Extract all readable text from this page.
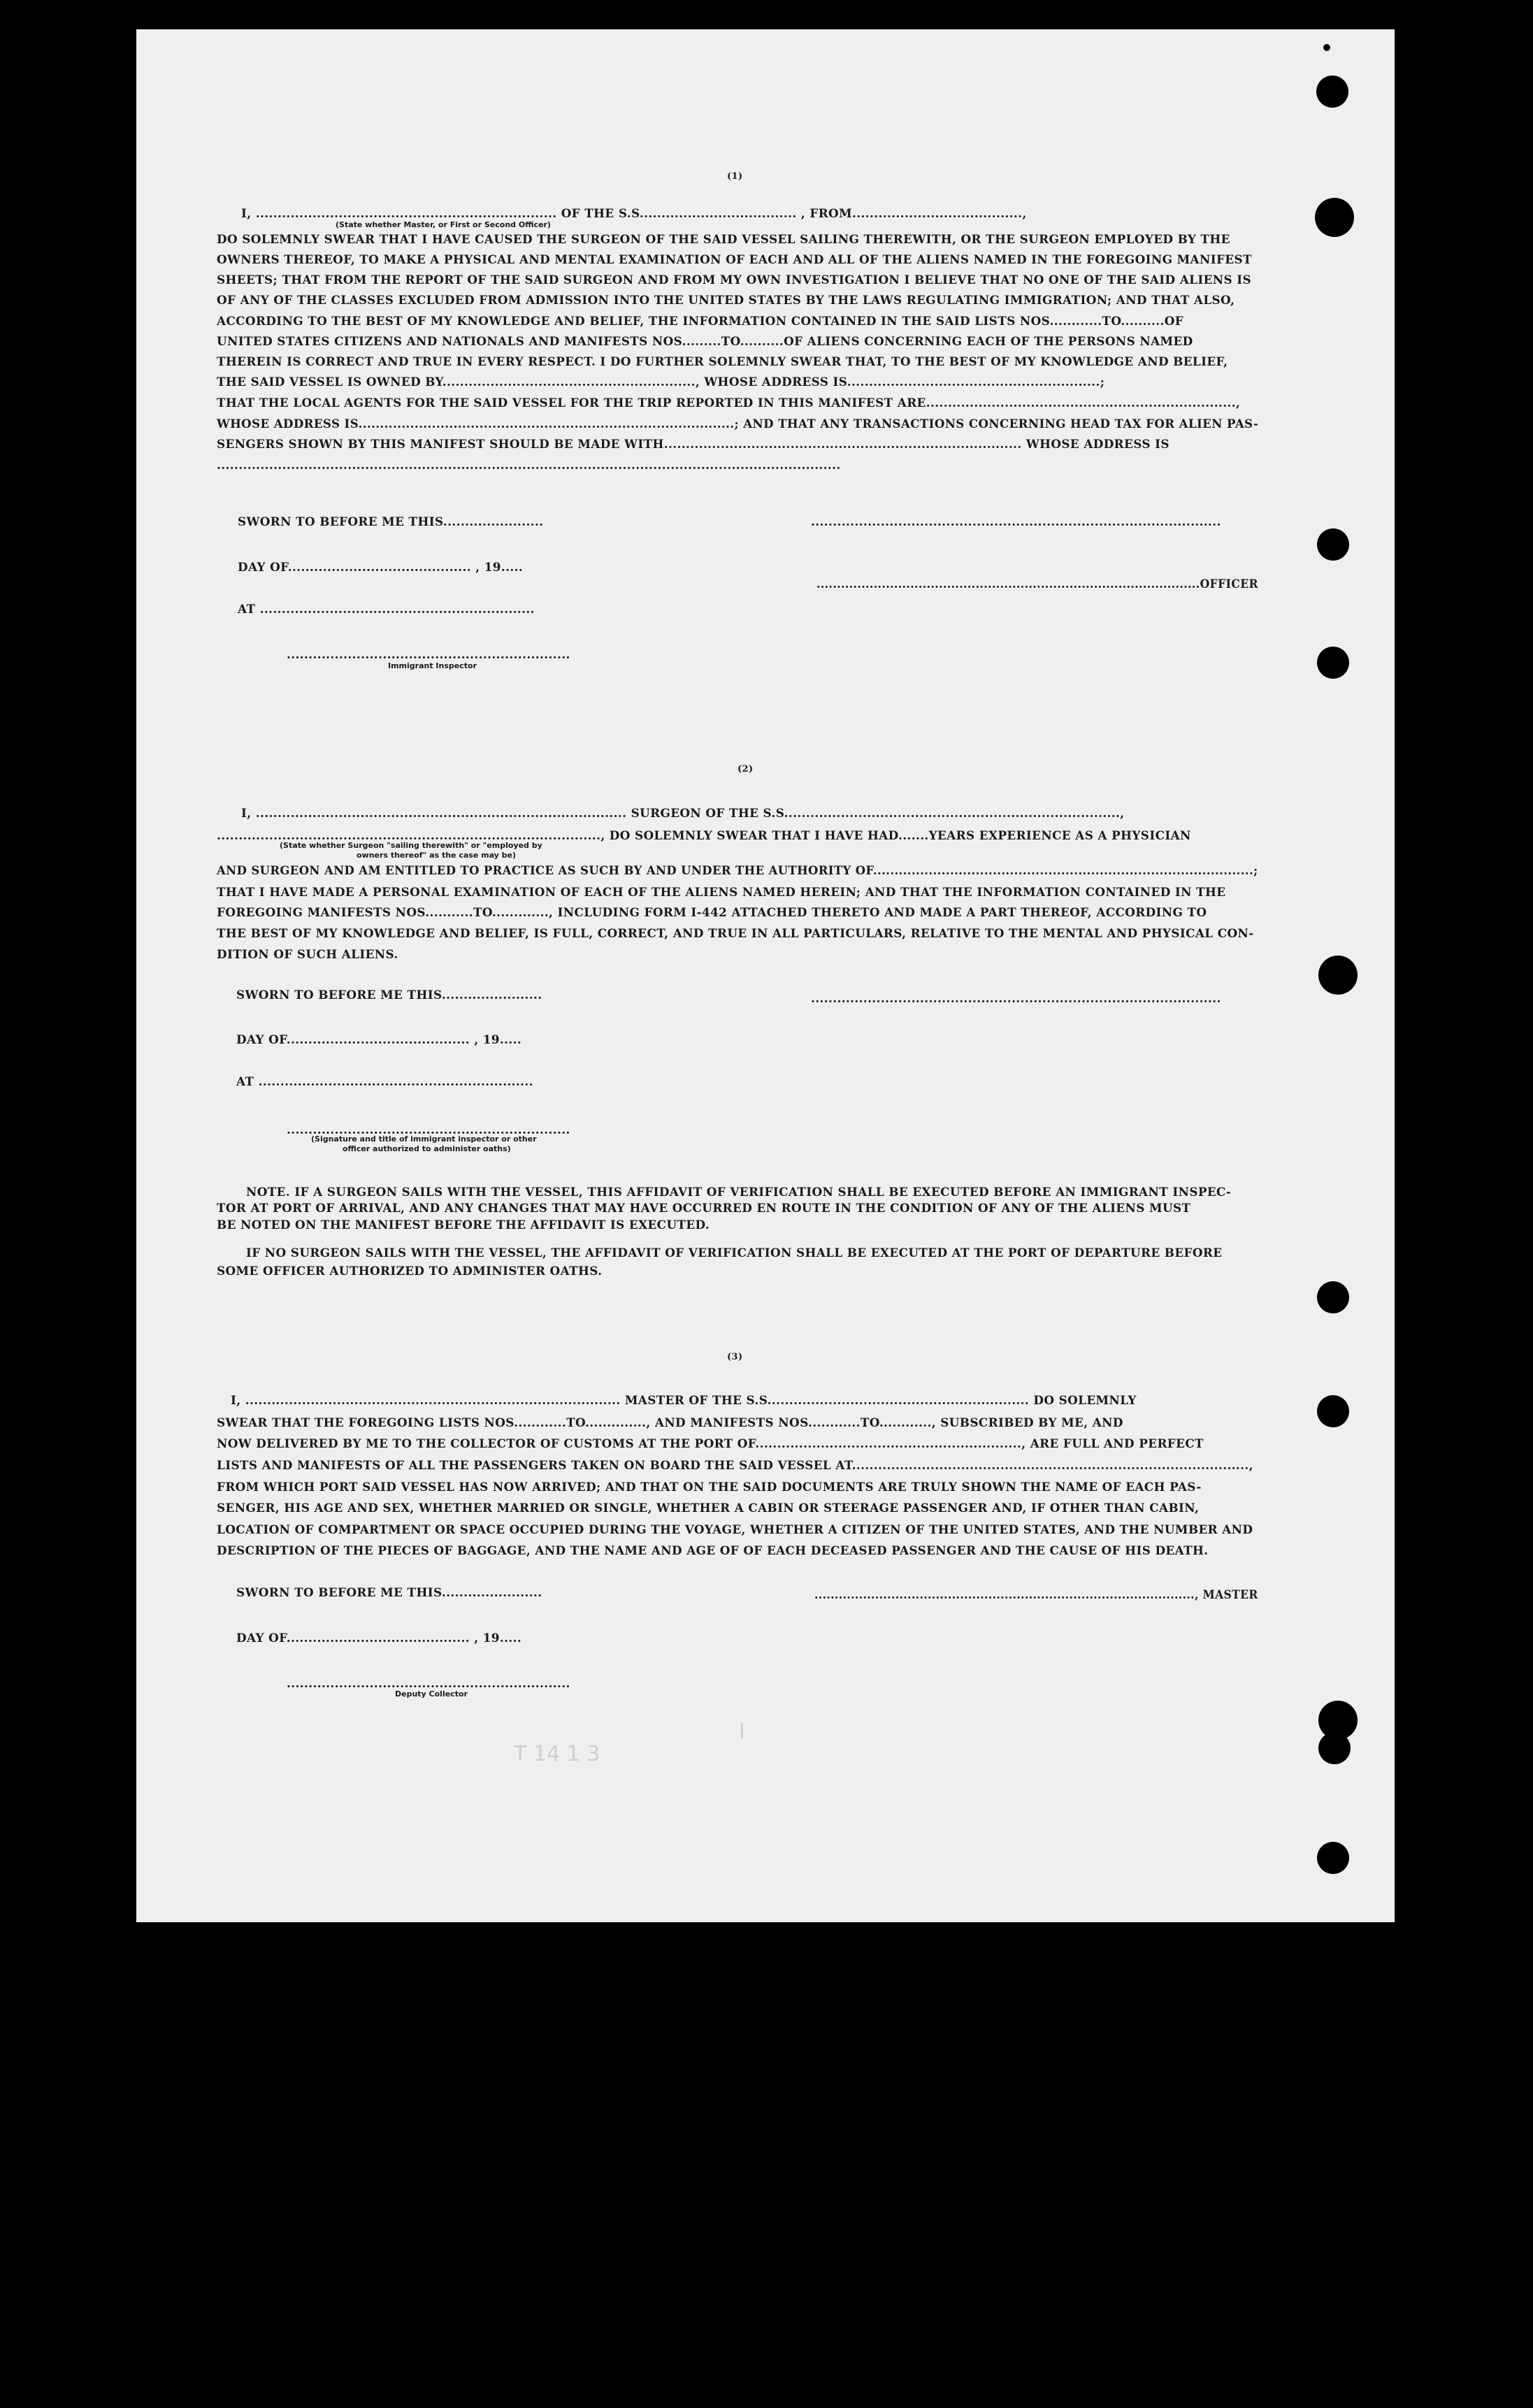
T 14 1 3
I
(1)
I, ..................................................................... OF THE S.S.................................... , FROM.......................................,
(State whether Master, or First or Second Officer)
DO SOLEMNLY SWEAR THAT I HAVE CAUSED THE SURGEON OF THE SAID VESSEL SAILING THEREWITH, OR THE SURGEON EMPLOYED BY THE
OWNERS THEREOF, TO MAKE A PHYSICAL AND MENTAL EXAMINATION OF EACH AND ALL OF THE ALIENS NAMED IN THE FOREGOING MANIFEST
SHEETS; THAT FROM THE REPORT OF THE SAID SURGEON AND FROM MY OWN INVESTIGATION I BELIEVE THAT NO ONE OF THE SAID ALIENS IS
OF ANY OF THE CLASSES EXCLUDED FROM ADMISSION INTO THE UNITED STATES BY THE LAWS REGULATING IMMIGRATION; AND THAT ALSO,
ACCORDING TO THE BEST OF MY KNOWLEDGE AND BELIEF, THE INFORMATION CONTAINED IN THE SAID LISTS NOS............TO..........OF
UNITED STATES CITIZENS AND NATIONALS AND MANIFESTS NOS.........TO..........OF ALIENS CONCERNING EACH OF THE PERSONS NAMED
THEREIN IS CORRECT AND TRUE IN EVERY RESPECT. I DO FURTHER SOLEMNLY SWEAR THAT, TO THE BEST OF MY KNOWLEDGE AND BELIEF,
THE SAID VESSEL IS OWNED BY.........................................................., WHOSE ADDRESS IS..........................................................;
THAT THE LOCAL AGENTS FOR THE SAID VESSEL FOR THE TRIP REPORTED IN THIS MANIFEST ARE.......................................................................,
WHOSE ADDRESS IS.......................................................................................; AND THAT ANY TRANSACTIONS CONCERNING HEAD TAX FOR ALIEN PAS-
SENGERS SHOWN BY THIS MANIFEST SHOULD BE MADE WITH.................................................................................. WHOSE ADDRESS IS
...............................................................................................................................................
SWORN TO BEFORE ME THIS.......................	..............................................................................................
DAY OF.......................................... , 19.....
..............................................................................................OFFICER
AT ...............................................................
.................................................................
Immigrant Inspector
(2)
I, ..................................................................................... SURGEON OF THE S.S.............................................................................,
........................................................................................, DO SOLEMNLY SWEAR THAT I HAVE HAD.......YEARS EXPERIENCE AS A PHYSICIAN
(State whether Surgeon "sailing therewith" or "employed by
owners thereof" as the case may be)
AND SURGEON AND AM ENTITLED TO PRACTICE AS SUCH BY AND UNDER THE AUTHORITY OF.........................................................................................;
THAT I HAVE MADE A PERSONAL EXAMINATION OF EACH OF THE ALIENS NAMED HEREIN; AND THAT THE INFORMATION CONTAINED IN THE
FOREGOING MANIFESTS NOS...........TO............., INCLUDING FORM I-442 ATTACHED THERETO AND MADE A PART THEREOF, ACCORDING TO
THE BEST OF MY KNOWLEDGE AND BELIEF, IS FULL, CORRECT, AND TRUE IN ALL PARTICULARS, RELATIVE TO THE MENTAL AND PHYSICAL CON-
DITION OF SUCH ALIENS.
SWORN TO BEFORE ME THIS.......................	..............................................................................................
DAY OF.......................................... , 19.....
AT ...............................................................
.................................................................
(Signature and title of immigrant inspector or other
officer authorized to administer oaths)
NOTE. IF A SURGEON SAILS WITH THE VESSEL, THIS AFFIDAVIT OF VERIFICATION SHALL BE EXECUTED BEFORE AN IMMIGRANT INSPEC-
TOR AT PORT OF ARRIVAL, AND ANY CHANGES THAT MAY HAVE OCCURRED EN ROUTE IN THE CONDITION OF ANY OF THE ALIENS MUST
BE NOTED ON THE MANIFEST BEFORE THE AFFIDAVIT IS EXECUTED.
IF NO SURGEON SAILS WITH THE VESSEL, THE AFFIDAVIT OF VERIFICATION SHALL BE EXECUTED AT THE PORT OF DEPARTURE BEFORE
SOME OFFICER AUTHORIZED TO ADMINISTER OATHS.
(3)
I, ...................................................................................... MASTER OF THE S.S............................................................ DO SOLEMNLY
SWEAR THAT THE FOREGOING LISTS NOS............TO.............., AND MANIFESTS NOS............TO............, SUBSCRIBED BY ME, AND
NOW DELIVERED BY ME TO THE COLLECTOR OF CUSTOMS AT THE PORT OF............................................................., ARE FULL AND PERFECT
LISTS AND MANIFESTS OF ALL THE PASSENGERS TAKEN ON BOARD THE SAID VESSEL AT...........................................................................................,
FROM WHICH PORT SAID VESSEL HAS NOW ARRIVED; AND THAT ON THE SAID DOCUMENTS ARE TRULY SHOWN THE NAME OF EACH PAS-
SENGER, HIS AGE AND SEX, WHETHER MARRIED OR SINGLE, WHETHER A CABIN OR STEERAGE PASSENGER AND, IF OTHER THAN CABIN,
LOCATION OF COMPARTMENT OR SPACE OCCUPIED DURING THE VOYAGE, WHETHER A CITIZEN OF THE UNITED STATES, AND THE NUMBER AND
DESCRIPTION OF THE PIECES OF BAGGAGE, AND THE NAME AND AGE OF OF EACH DECEASED PASSENGER AND THE CAUSE OF HIS DEATH.
SWORN TO BEFORE ME THIS.......................	.............................................................................................., MASTER
DAY OF.......................................... , 19.....
.................................................................
Deputy Collector
